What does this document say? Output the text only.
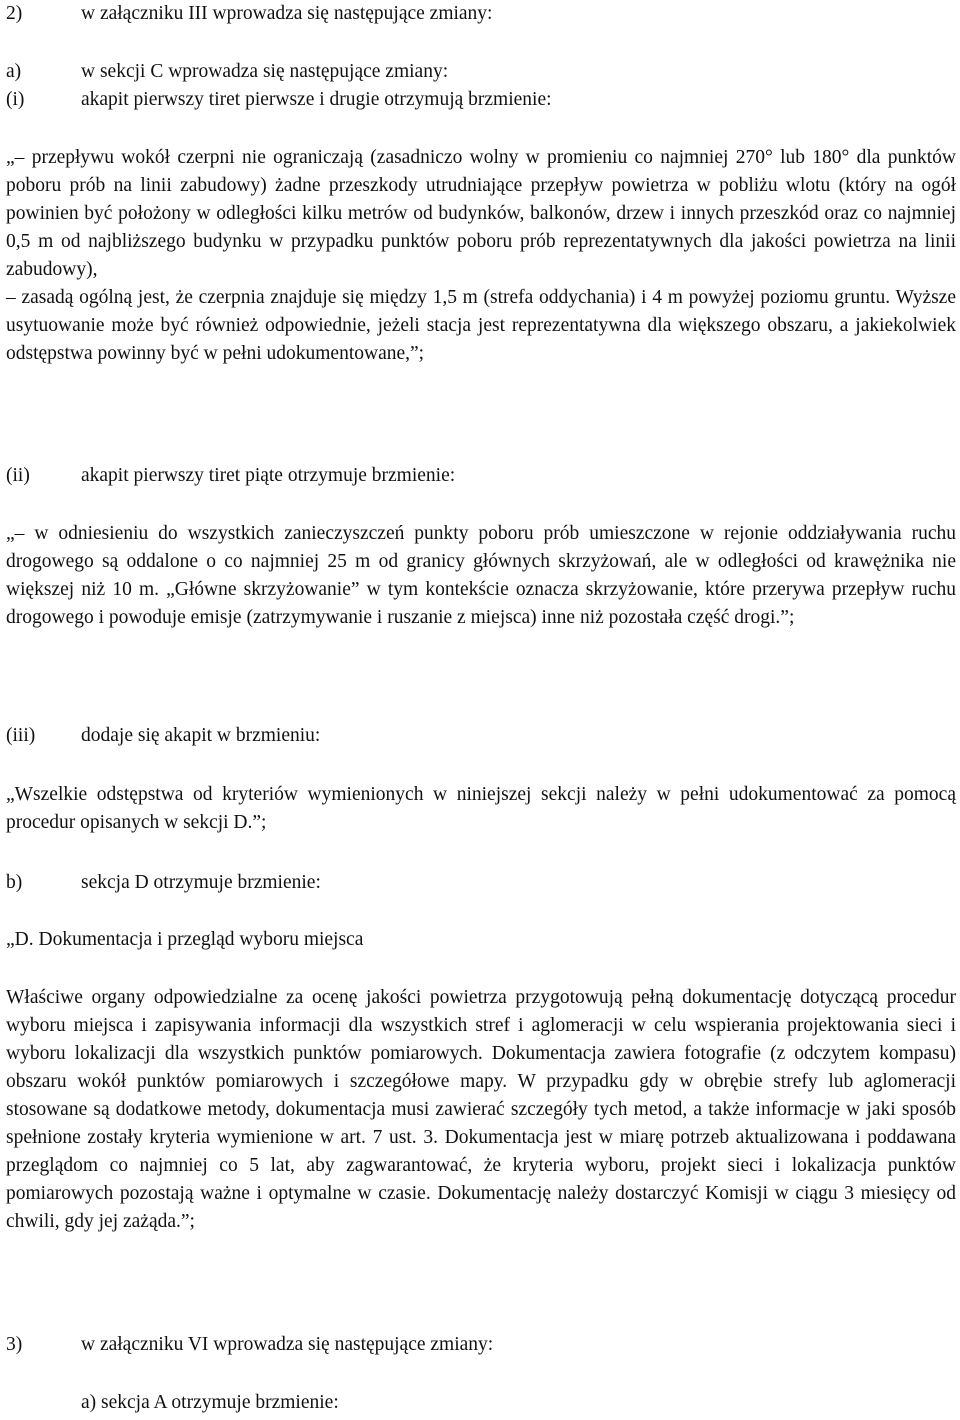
2)	w załączniku III wprowadza się następujące zmiany:
a)	w sekcji C wprowadza się następujące zmiany:
(i)	akapit pierwszy tiret pierwsze i drugie otrzymują brzmienie:

„– przepływu wokół czerpni nie ograniczają (zasadniczo wolny w promieniu co najmniej 270° lub 180° dla punktów poboru prób na linii zabudowy) żadne przeszkody utrudniające przepływ powietrza w pobliżu wlotu (który na ogół powinien być położony w odległości kilku metrów od budynków, balkonów, drzew i innych przeszkód oraz co najmniej 0,5 m od najbliższego budynku w przypadku punktów poboru prób reprezentatywnych dla jakości powietrza na linii zabudowy),

– zasadą ogólną jest, że czerpnia znajduje się między 1,5 m (strefa oddychania) i 4 m powyżej poziomu gruntu. Wyższe usytuowanie może być również odpowiednie, jeżeli stacja jest reprezentatywna dla większego obszaru, a jakiekolwiek odstępstwa powinny być w pełni udokumentowane,”;

(ii)	akapit pierwszy tiret piąte otrzymuje brzmienie:

„– w odniesieniu do wszystkich zanieczyszczeń punkty poboru prób umieszczone w rejonie oddziaływania ruchu drogowego są oddalone o co najmniej 25 m od granicy głównych skrzyżowań, ale w odległości od krawężnika nie większej niż 10 m. „Główne skrzyżowanie” w tym kontekście oznacza skrzyżowanie, które przerywa przepływ ruchu drogowego i powoduje emisje (zatrzymywanie i ruszanie z miejsca) inne niż pozostała część drogi.”;

(iii)	dodaje się akapit w brzmieniu:

„Wszelkie odstępstwa od kryteriów wymienionych w niniejszej sekcji należy w pełni udokumentować za pomocą procedur opisanych w sekcji D.”;

b)	sekcja D otrzymuje brzmienie:

„D. Dokumentacja i przegląd wyboru miejsca

Właściwe organy odpowiedzialne za ocenę jakości powietrza przygotowują pełną dokumentację dotyczącą procedur wyboru miejsca i zapisywania informacji dla wszystkich stref i aglomeracji w celu wspierania projektowania sieci i wyboru lokalizacji dla wszystkich punktów pomiarowych. Dokumentacja zawiera fotografie (z odczytem kompasu) obszaru wokół punktów pomiarowych i szczegółowe mapy. W przypadku gdy w obrębie strefy lub aglomeracji stosowane są dodatkowe metody, dokumentacja musi zawierać szczegóły tych metod, a także informacje w jaki sposób spełnione zostały kryteria wymienione w art. 7 ust. 3. Dokumentacja jest w miarę potrzeb aktualizowana i poddawana przeglądom co najmniej co 5 lat, aby zagwarantować, że kryteria wyboru, projekt sieci i lokalizacja punktów pomiarowych pozostają ważne i optymalne w czasie. Dokumentację należy dostarczyć Komisji w ciągu 3 miesięcy od chwili, gdy jej zażąda.”;

3)	w załączniku VI wprowadza się następujące zmiany:
a) sekcja A otrzymuje brzmienie:
